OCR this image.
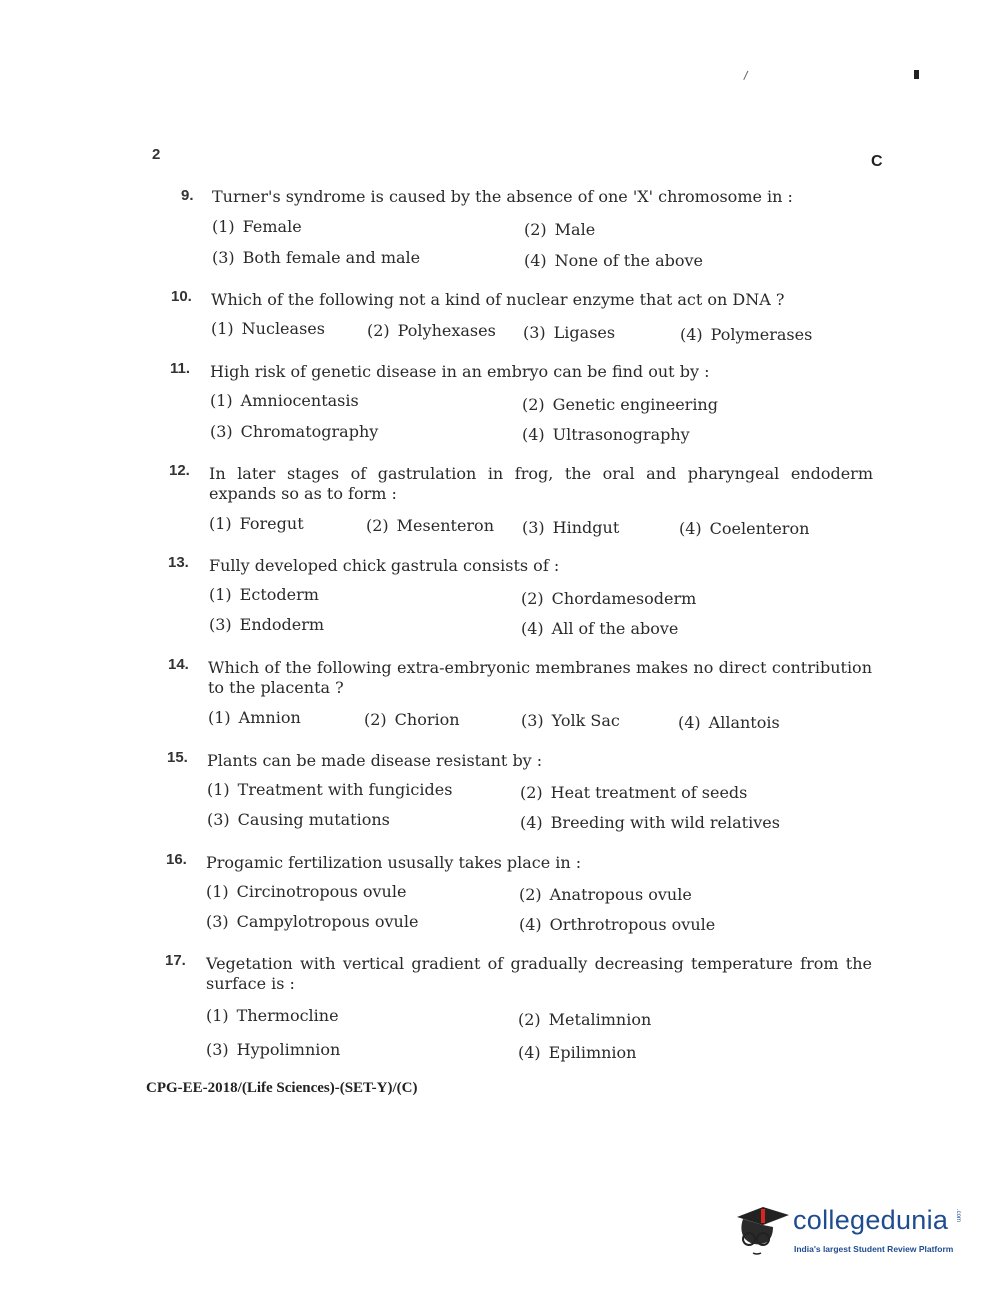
/
2	C
9. Turner's syndrome is caused by the absence of one 'X' chromosome in :
(1) Female	(2) Male
(3) Both female and male	(4) None of the above
10. Which of the following not a kind of nuclear enzyme that act on DNA ?
(1) Nucleases	(2) Polyhexases (3) Ligases	(4) Polymerases
11. High risk of genetic disease in an embryo can be find out by :
(1) Amniocentasis	(2) Genetic engineering
(3) Chromatography	(4) Ultrasonography
12. In later stages of gastrulation in frog, the oral and pharyngeal endoderm expands so as to form :
(1) Foregut	(2) Mesenteron (3) Hindgut	(4) Coelenteron
13. Fully developed chick gastrula consists of :
(1) Ectoderm	(2) Chordamesoderm
(3) Endoderm	(4) All of the above
14. Which of the following extra-embryonic membranes makes no direct contribution to the placenta ?
(1) Amnion	(2) Chorion	(3) Yolk Sac	(4) Allantois
15. Plants can be made disease resistant by :
(1) Treatment with fungicides	(2) Heat treatment of seeds
(3) Causing mutations	(4) Breeding with wild relatives
16. Progamic fertilization ususally takes place in :
(1) Circinotropous ovule	(2) Anatropous ovule
(3) Campylotropous ovule	(4) Orthrotropous ovule
17. Vegetation with vertical gradient of gradually decreasing temperature from the surface is :
(1) Thermocline	(2) Metalimnion
(3) Hypolimnion	(4) Epilimnion
CPG-EE-2018/(Life Sciences)-(SET-Y)/(C)
collegedunia .com
India's largest Student Review Platform
